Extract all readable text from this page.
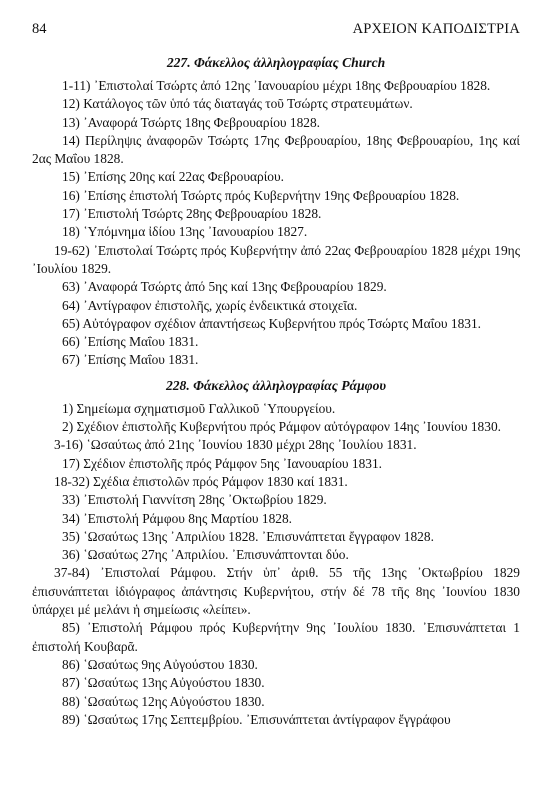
84	ΑΡΧΕΙΟΝ ΚΑΠΟΔΙΣΤΡΙΑ
227. Φάκελλος ἀλληλογραφίας Church

1-11) ᾿Επιστολαί Τσώρτς ἀπό 12ης ᾿Ιανουαρίου μέχρι 18ης Φεβρουαρίου 1828.

12) Κατάλογος τῶν ὑπό τάς διαταγάς τοῦ Τσώρτς στρατευμάτων.

13) ᾿Αναφορά Τσώρτς 18ης Φεβρουαρίου 1828.

14) Περίληψις ἀναφορῶν Τσώρτς 17ης Φεβρουαρίου, 18ης Φεβρουαρίου, 1ης καί 2ας Μαΐου 1828.

15) ᾿Επίσης 20ης καί 22ας Φεβρουαρίου.

16) ᾿Επίσης ἐπιστολή Τσώρτς πρός Κυβερνήτην 19ης Φεβρουαρίου 1828.

17) ᾿Επιστολή Τσώρτς 28ης Φεβρουαρίου 1828.

18) ῾Υπόμνημα ἰδίου 13ης ᾿Ιανουαρίου 1827.

19-62) ᾿Επιστολαί Τσώρτς πρός Κυβερνήτην ἀπό 22ας Φεβρουαρίου 1828 μέχρι 19ης ᾿Ιουλίου 1829.

63) ᾿Αναφορά Τσώρτς ἀπό 5ης καί 13ης Φεβρουαρίου 1829.

64) ᾿Αντίγραφον ἐπιστολῆς, χωρίς ἐνδεικτικά στοιχεῖα.

65) Αὐτόγραφον σχέδιον ἀπαντήσεως Κυβερνήτου πρός Τσώρτς Μαΐου 1831.

66) ᾿Επίσης Μαΐου 1831.

67) ᾿Επίσης Μαΐου 1831.

228. Φάκελλος ἀλληλογραφίας Ράμφου

1) Σημείωμα σχηματισμοῦ Γαλλικοῦ ῾Υπουργείου.

2) Σχέδιον ἐπιστολῆς Κυβερνήτου πρός Ράμφον αὐτόγραφον 14ης ᾿Ιουνίου 1830.

3-16) ῾Ωσαύτως ἀπό 21ης ᾿Ιουνίου 1830 μέχρι 28ης ᾿Ιουλίου 1831.

17) Σχέδιον ἐπιστολῆς πρός Ράμφον 5ης ᾿Ιανουαρίου 1831.

18-32) Σχέδια ἐπιστολῶν πρός Ράμφον 1830 καί 1831.

33) ᾿Επιστολή Γιαννίτση 28ης ᾿Οκτωβρίου 1829.

34) ᾿Επιστολή Ράμφου 8ης Μαρτίου 1828.

35) ῾Ωσαύτως 13ης ᾿Απριλίου 1828. ᾿Επισυνάπτεται ἔγγραφον 1828.

36) ῾Ωσαύτως 27ης ᾿Απριλίου. ᾿Επισυνάπτονται δύο.

37-84) ᾿Επιστολαί Ράμφου. Στήν ὑπ᾿ ἀριθ. 55 τῆς 13ης ᾿Οκτωβρίου 1829 ἐπισυνάπτεται ἰδιόγραφος ἀπάντησις Κυβερνήτου, στήν δέ 78 τῆς 8ης ᾿Ιουνίου 1830 ὑπάρχει μέ μελάνι ἡ σημείωσις «λείπει».

85) ᾿Επιστολή Ράμφου πρός Κυβερνήτην 9ης ᾿Ιουλίου 1830. ᾿Επισυνάπτεται 1 ἐπιστολή Κουβαρᾶ.

86) ῾Ωσαύτως 9ης Αὐγούστου 1830.

87) ῾Ωσαύτως 13ης Αὐγούστου 1830.

88) ῾Ωσαύτως 12ης Αὐγούστου 1830.

89) ῾Ωσαύτως 17ης Σεπτεμβρίου. ᾿Επισυνάπτεται ἀντίγραφον ἔγγράφου
